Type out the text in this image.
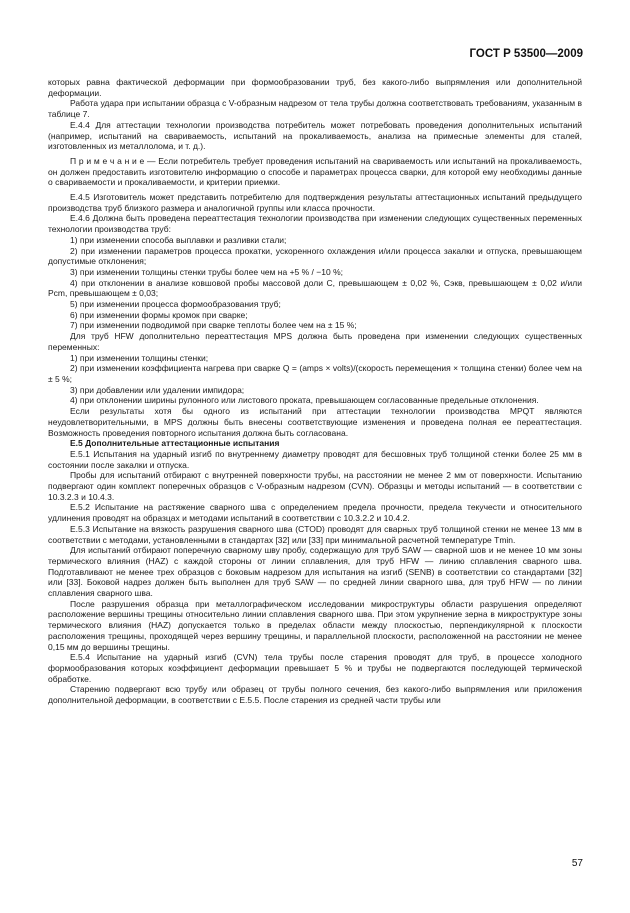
ГОСТ Р 53500—2009

которых равна фактической деформации при формообразовании труб, без какого-либо выпрямления или дополнительной деформации.

Работа удара при испытании образца с V-образным надрезом от тела трубы должна соответствовать требованиям, указанным в таблице 7.

Е.4.4 Для аттестации технологии производства потребитель может потребовать проведения дополнительных испытаний (например, испытаний на свариваемость, испытаний на прокаливаемость, анализа на примесные элементы для сталей, изготовленных из металлолома, и т. д.).

П р и м е ч а н и е — Если потребитель требует проведения испытаний на свариваемость или испытаний на прокаливаемость, он должен предоставить изготовителю информацию о способе и параметрах процесса сварки, для которой ему необходимы данные о свариваемости и прокаливаемости, и критерии приемки.

Е.4.5 Изготовитель может представить потребителю для подтверждения результаты аттестационных испытаний предыдущего производства труб близкого размера и аналогичной группы или класса прочности.

Е.4.6 Должна быть проведена переаттестация технологии производства при изменении следующих существенных переменных технологии производства труб:

1) при изменении способа выплавки и разливки стали;

2) при изменении параметров процесса прокатки, ускоренного охлаждения и/или процесса закалки и отпуска, превышающем допустимые отклонения;

3) при изменении толщины стенки трубы более чем на +5 % / −10 %;

4) при отклонении в анализе ковшовой пробы массовой доли С, превышающем ± 0,02 %, Сэкв, превышающем ± 0,02 и/или Pcm, превышающем ± 0,03;

5) при изменении процесса формообразования труб;

6) при изменении формы кромок при сварке;

7) при изменении подводимой при сварке теплоты более чем на ± 15 %;

Для труб HFW дополнительно переаттестация MPS должна быть проведена при изменении следующих существенных переменных:

1) при изменении толщины стенки;

2) при изменении коэффициента нагрева при сварке Q = (amps × volts)/(скорость перемещения × толщина стенки) более чем на ± 5 %;

3) при добавлении или удалении импидора;

4) при отклонении ширины рулонного или листового проката, превышающем согласованные предельные отклонения.

Если результаты хотя бы одного из испытаний при аттестации технологии производства MPQT являются неудовлетворительными, в MPS должны быть внесены соответствующие изменения и проведена полная ее переаттестация. Возможность проведения повторного испытания должна быть согласована.

Е.5 Дополнительные аттестационные испытания

Е.5.1 Испытания на ударный изгиб по внутреннему диаметру проводят для бесшовных труб толщиной стенки более 25 мм в состоянии после закалки и отпуска.

Пробы для испытаний отбирают с внутренней поверхности трубы, на расстоянии не менее 2 мм от поверхности. Испытанию подвергают один комплект поперечных образцов с V-образным надрезом (CVN). Образцы и методы испытаний — в соответствии с 10.3.2.3 и 10.4.3.

Е.5.2 Испытание на растяжение сварного шва с определением предела прочности, предела текучести и относительного удлинения проводят на образцах и методами испытаний в соответствии с 10.3.2.2 и 10.4.2.

Е.5.3 Испытание на вязкость разрушения сварного шва (CTOD) проводят для сварных труб толщиной стенки не менее 13 мм в соответствии с методами, установленными в стандартах [32] или [33] при минимальной расчетной температуре Tmin.

Для испытаний отбирают поперечную сварному шву пробу, содержащую для труб SAW — сварной шов и не менее 10 мм зоны термического влияния (HAZ) с каждой стороны от линии сплавления, для труб HFW — линию сплавления сварного шва. Подготавливают не менее трех образцов с боковым надрезом для испытания на изгиб (SENB) в соответствии со стандартами [32] или [33]. Боковой надрез должен быть выполнен для труб SAW — по средней линии сварного шва, для труб HFW — по линии сплавления сварного шва.

После разрушения образца при металлографическом исследовании микроструктуры области разрушения определяют расположение вершины трещины относительно линии сплавления сварного шва. При этом укрупнение зерна в микроструктуре зоны термического влияния (HAZ) допускается только в пределах области между плоскостью, перпендикулярной к плоскости расположения трещины, проходящей через вершину трещины, и параллельной плоскости, расположенной на расстоянии не менее 0,15 мм до вершины трещины.

Е.5.4 Испытание на ударный изгиб (CVN) тела трубы после старения проводят для труб, в процессе холодного формообразования которых коэффициент деформации превышает 5 % и трубы не подвергаются последующей термической обработке.

Старению подвергают всю трубу или образец от трубы полного сечения, без какого-либо выпрямления или приложения дополнительной деформации, в соответствии с Е.5.5. После старения из средней части трубы или

57
